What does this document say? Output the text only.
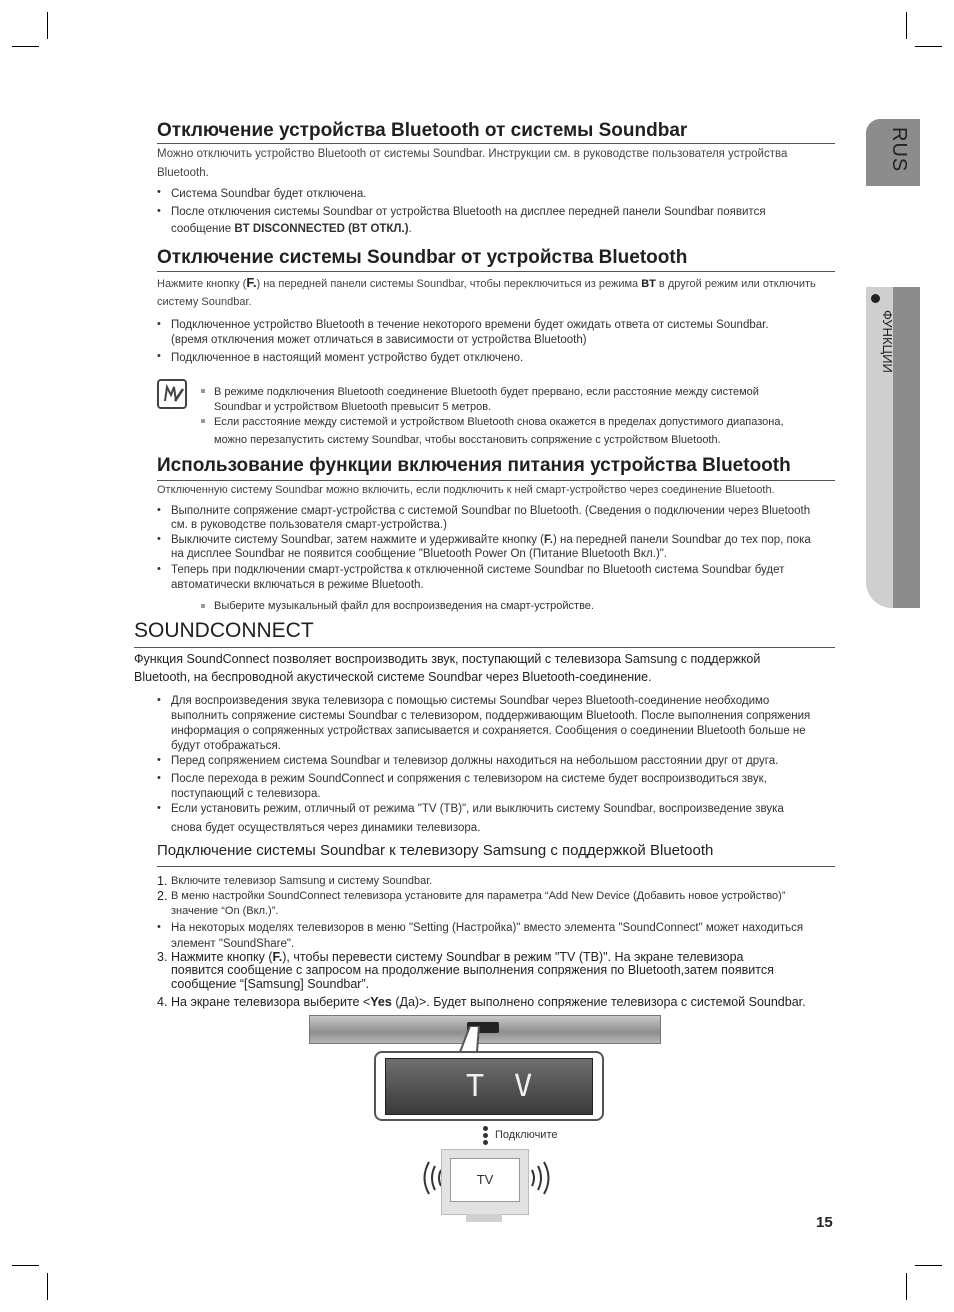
RUS
ФУНКЦИИ
Отключение устройства Bluetooth от системы Soundbar
Можно отключить устройство Bluetooth от системы Soundbar. Инструкции см. в руководстве пользователя устройства
Bluetooth.
• Система Soundbar будет отключена.
• После отключения системы Soundbar от устройства Bluetooth на дисплее передней панели Soundbar появится
сообщение BT DISCONNECTED (BT ОТКЛ.).
Отключение системы Soundbar от устройства Bluetooth
Нажмите кнопку (F.) на передней панели системы Soundbar, чтобы переключиться из режима BT в другой режим или отключить
систему Soundbar.
• Подключенное устройство Bluetooth в течение некоторого времени будет ожидать ответа от системы Soundbar.
(время отключения может отличаться в зависимости от устройства Bluetooth)
• Подключенное в настоящий момент устройство будет отключено.
В режиме подключения Bluetooth соединение Bluetooth будет прервано, если расстояние между системой
Soundbar и устройством Bluetooth превысит 5 метров.
Если расстояние между системой и устройством Bluetooth снова окажется в пределах допустимого диапазона,
можно перезапустить систему Soundbar, чтобы восстановить сопряжение с устройством Bluetooth.
Использование функции включения питания устройства Bluetooth
Отключенную систему Soundbar можно включить, если подключить к ней смарт-устройство через соединение Bluetooth.
• Выполните сопряжение смарт-устройства с системой Soundbar по Bluetooth. (Сведения о подключении через Bluetooth
см. в руководстве пользователя смарт-устройства.)
• Выключите систему Soundbar, затем нажмите и удерживайте кнопку (F.) на передней панели Soundbar до тех пор, пока
на дисплее Soundbar не появится сообщение "Bluetooth Power On (Питание Bluetooth Вкл.)".
• Теперь при подключении смарт-устройства к отключенной системе Soundbar по Bluetooth система Soundbar будет
автоматически включаться в режиме Bluetooth.
Выберите музыкальный файл для воспроизведения на смарт-устройстве.
SOUNDCONNECT
Функция SoundConnect позволяет воспроизводить звук, поступающий с телевизора Samsung с поддержкой
Bluetooth, на беспроводной акустической системе Soundbar через Bluetooth-соединение.
• Для воспроизведения звука телевизора с помощью системы Soundbar через Bluetooth-соединение необходимо
выполнить сопряжение системы Soundbar с телевизором, поддерживающим Bluetooth. После выполнения сопряжения
информация о сопряженных устройствах записывается и сохраняется. Сообщения о соединении Bluetooth больше не
будут отображаться.
• Перед сопряжением система Soundbar и телевизор должны находиться на небольшом расстоянии друг от друга.
• После перехода в режим SoundConnect и сопряжения с телевизором на системе будет воспроизводиться звук,
поступающий с телевизора.
• Если установить режим, отличный от режима "TV (ТВ)", или выключить систему Soundbar, воспроизведение звука
снова будет осуществляться через динамики телевизора.
Подключение системы Soundbar к телевизору Samsung с поддержкой Bluetooth
1. Включите телевизор Samsung и систему Soundbar.
2. В меню настройки SoundConnect телевизора установите для параметра “Add New Device (Добавить новое устройство)”
значение “On (Вкл.)”.
• На некоторых моделях телевизоров в меню "Setting (Настройка)" вместо элемента "SoundConnect" может находиться
элемент "SoundShare".
3. Нажмите кнопку (F.), чтобы перевести систему Soundbar в режим "TV (ТВ)". На экране телевизора
появится сообщение с запросом на продолжение выполнения сопряжения по Bluetooth,затем появится
сообщение “[Samsung] Soundbar”.
4. На экране телевизора выберите <Yes (Да)>. Будет выполнено сопряжение телевизора с системой Soundbar.
T V
Подключите
TV
15
